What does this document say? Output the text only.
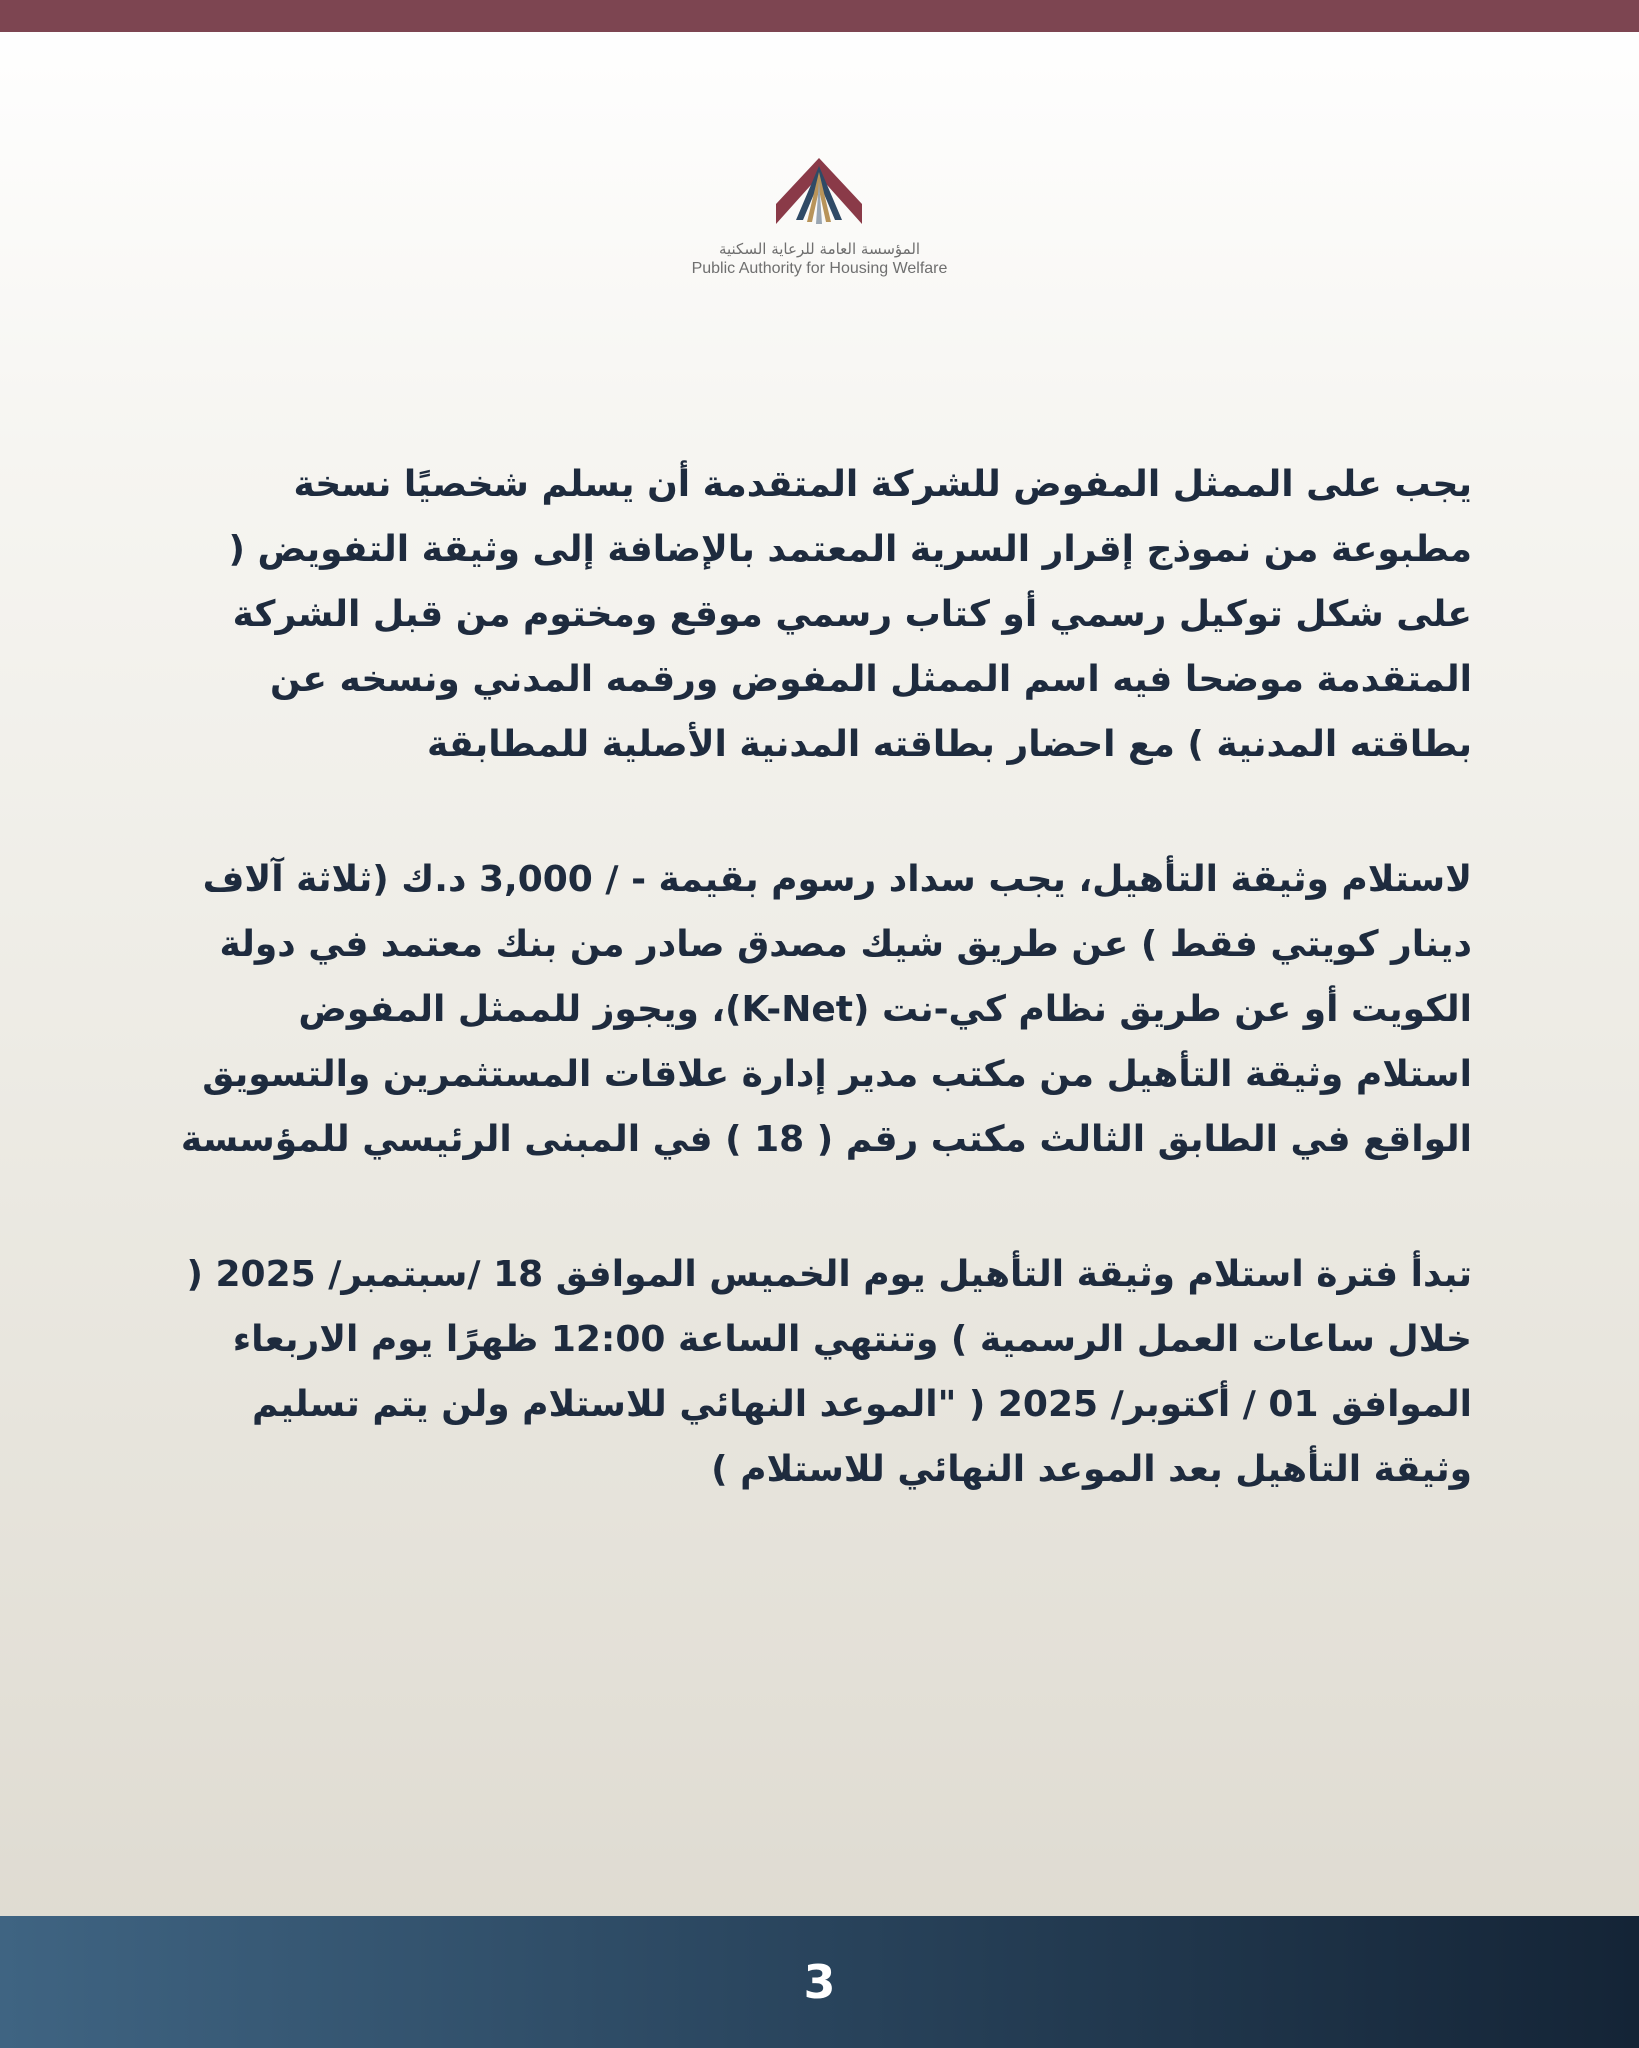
المؤسسة العامة للرعاية السكنية
Public Authority for Housing Welfare

يجب على الممثل المفوض للشركة المتقدمة أن يسلم شخصيًا نسخة مطبوعة من نموذج إقرار السرية المعتمد بالإضافة إلى وثيقة التفويض ( على شكل توكيل رسمي أو كتاب رسمي موقع ومختوم من قبل الشركة المتقدمة موضحا فيه اسم الممثل المفوض ورقمه المدني ونسخه عن بطاقته المدنية ) مع احضار بطاقته المدنية الأصلية للمطابقة

لاستلام وثيقة التأهيل، يجب سداد رسوم بقيمة - / 3,000 د.ك (ثلاثة آلاف دينار كويتي فقط ) عن طريق شيك مصدق صادر من بنك معتمد في دولة الكويت أو عن طريق نظام كي-نت (K-Net)، ويجوز للممثل المفوض استلام وثيقة التأهيل من مكتب مدير إدارة علاقات المستثمرين والتسويق الواقع في الطابق الثالث مكتب رقم ( 18 ) في المبنى الرئيسي للمؤسسة

تبدأ فترة استلام وثيقة التأهيل يوم الخميس الموافق 18 /سبتمبر/ 2025 ( خلال ساعات العمل الرسمية ) وتنتهي الساعة 12:00 ظهرًا يوم الاربعاء الموافق 01 / أكتوبر/ 2025 ( "الموعد النهائي للاستلام ولن يتم تسليم وثيقة التأهيل بعد الموعد النهائي للاستلام )

3
